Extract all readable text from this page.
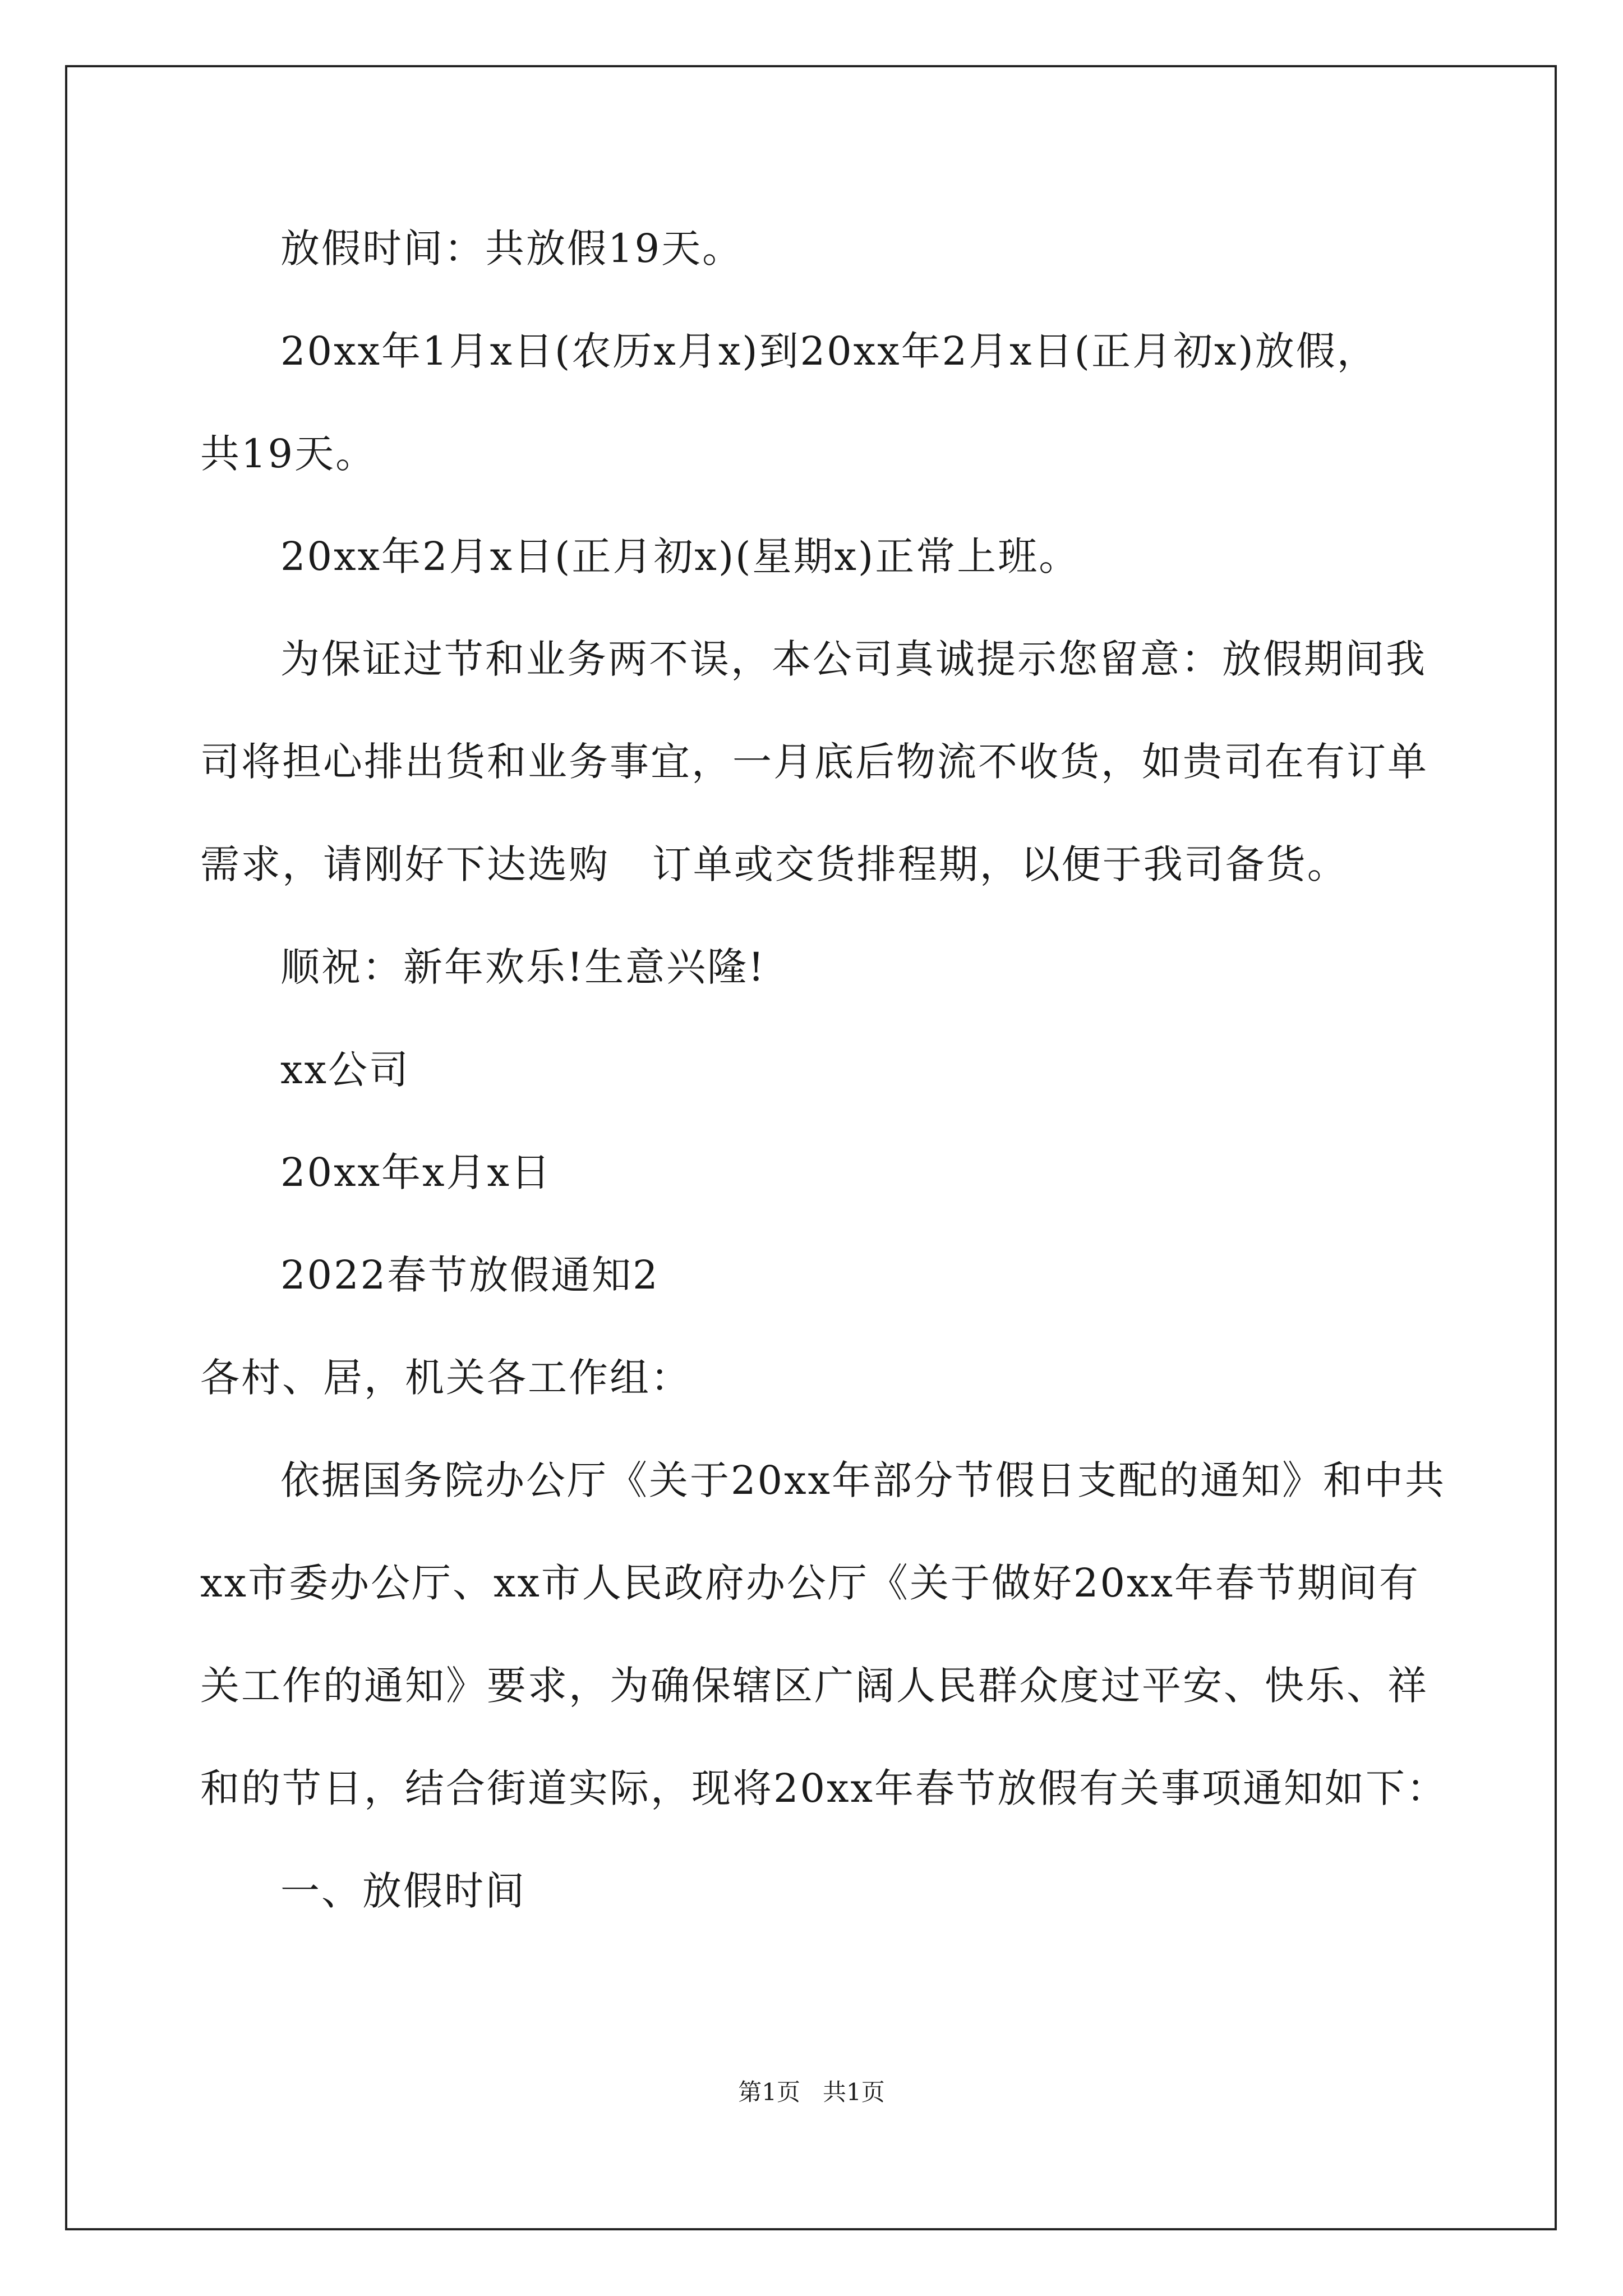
放假时间：共放假19天。
20xx年1月x日(农历x月x)到20xx年2月x日(正月初x)放假，
共19天。
20xx年2月x日(正月初x)(星期x)正常上班。
为保证过节和业务两不误，本公司真诚提示您留意：放假期间我
司将担心排出货和业务事宜，一月底后物流不收货，如贵司在有订单
需求，请刚好下达选购   订单或交货排程期，以便于我司备货。
顺祝：新年欢乐!生意兴隆!
xx公司
20xx年x月x日
2022春节放假通知2
各村、居，机关各工作组：
依据国务院办公厅《关于20xx年部分节假日支配的通知》和中共
xx市委办公厅、xx市人民政府办公厅《关于做好20xx年春节期间有
关工作的通知》要求，为确保辖区广阔人民群众度过平安、快乐、祥
和的节日，结合街道实际，现将20xx年春节放假有关事项通知如下：
一、放假时间
第1页   共1页
